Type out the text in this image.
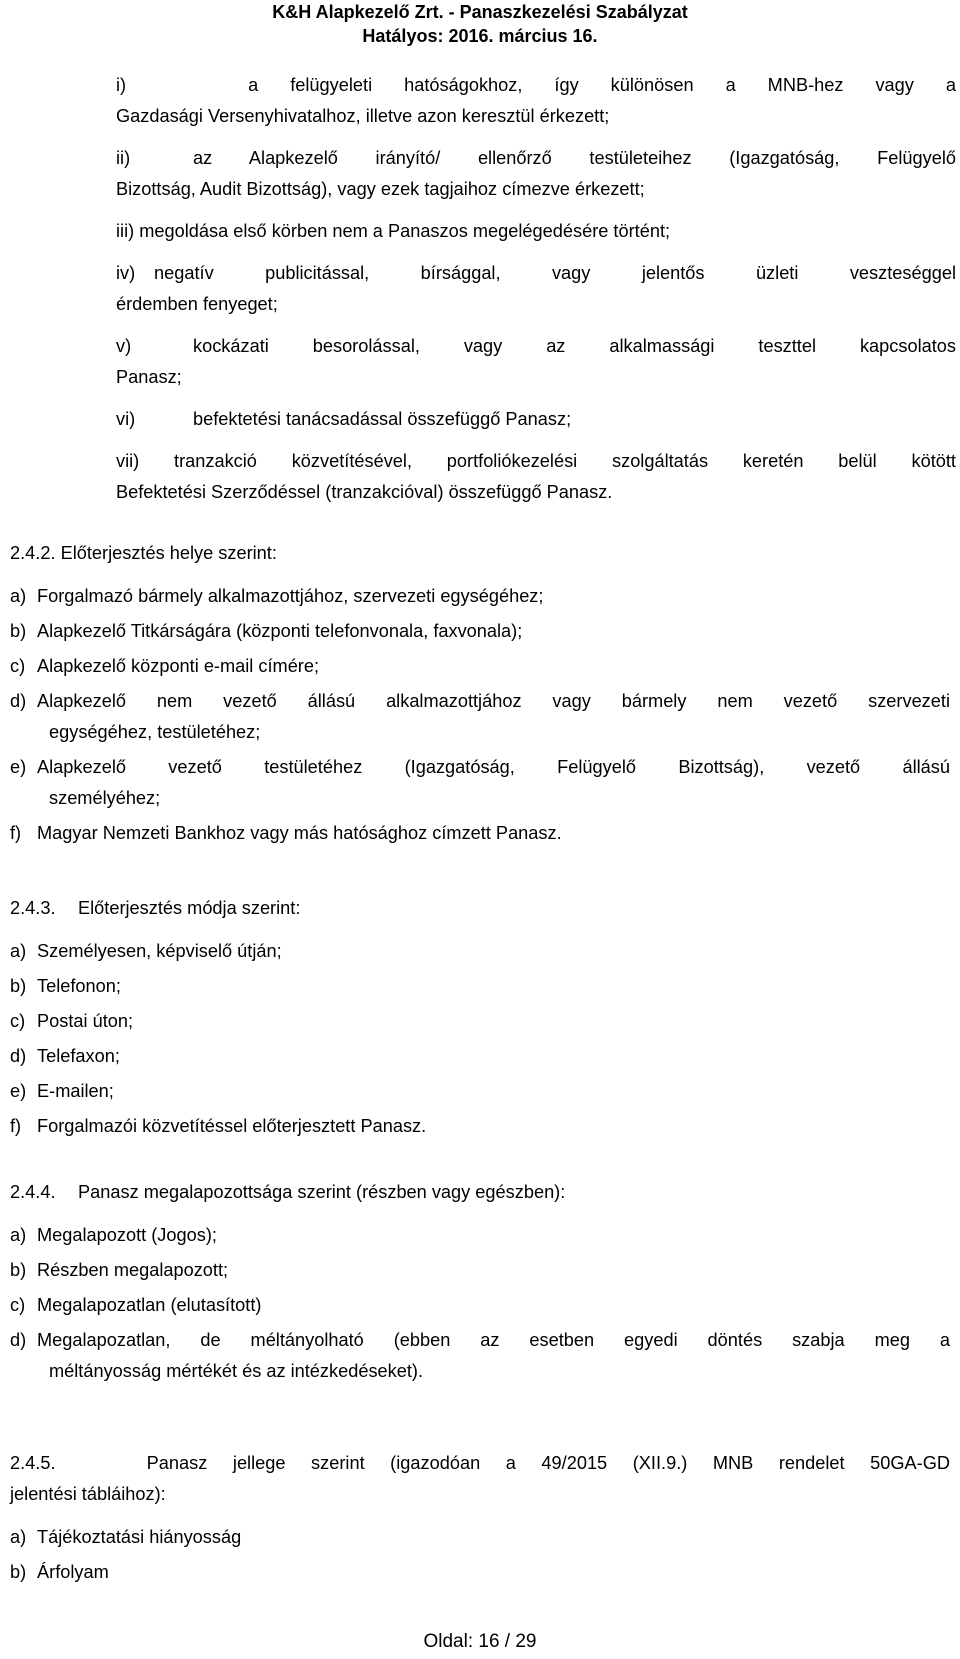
K&H Alapkezelő Zrt. - Panaszkezelési Szabályzat
Hatályos: 2016. március 16.
i)	a felügyeleti hatóságokhoz, így különösen a MNB-hez vagy a
Gazdasági Versenyhivatalhoz, illetve azon keresztül érkezett;
ii)	az Alapkezelő irányító/ ellenőrző testületeihez (Igazgatóság, Felügyelő
Bizottság, Audit Bizottság), vagy ezek tagjaihoz címezve érkezett;
iii) megoldása első körben nem a Panaszos megelégedésére történt;
iv)	negatív publicitással, bírsággal, vagy jelentős üzleti veszteséggel
érdemben fenyeget;
v)	kockázati besorolással, vagy az alkalmassági teszttel kapcsolatos
Panasz;
vi)	befektetési tanácsadással összefüggő Panasz;
vii) tranzakció közvetítésével, portfoliókezelési szolgáltatás keretén belül kötött
Befektetési Szerződéssel (tranzakcióval) összefüggő Panasz.
2.4.2.
Előterjesztés helye szerint:
a) Forgalmazó bármely alkalmazottjához, szervezeti egységéhez;
b) Alapkezelő Titkárságára (központi telefonvonala, faxvonala);
c) Alapkezelő központi e-mail címére;
d) Alapkezelő nem vezető állású alkalmazottjához vagy bármely nem vezető szervezeti
egységéhez, testületéhez;
e) Alapkezelő vezető testületéhez (Igazgatóság, Felügyelő Bizottság), vezető állású
személyéhez;
f) Magyar Nemzeti Bankhoz vagy más hatósághoz címzett Panasz.
2.4.3.	Előterjesztés módja szerint:
a) Személyesen, képviselő útján;
b) Telefonon;
c) Postai úton;
d) Telefaxon;
e) E-mailen;
f) Forgalmazói közvetítéssel előterjesztett Panasz.
2.4.4.	Panasz megalapozottsága szerint (részben vagy egészben):
a) Megalapozott (Jogos);
b) Részben megalapozott;
c) Megalapozatlan (elutasított)
d) Megalapozatlan, de méltányolható (ebben az esetben egyedi döntés szabja meg a
méltányosság mértékét és az intézkedéseket).
2.4.5.	Panasz jellege szerint (igazodóan a 49/2015 (XII.9.) MNB rendelet 50GA-GD
jelentési tábláihoz):
a) Tájékoztatási hiányosság
b) Árfolyam
Oldal: 16 / 29
